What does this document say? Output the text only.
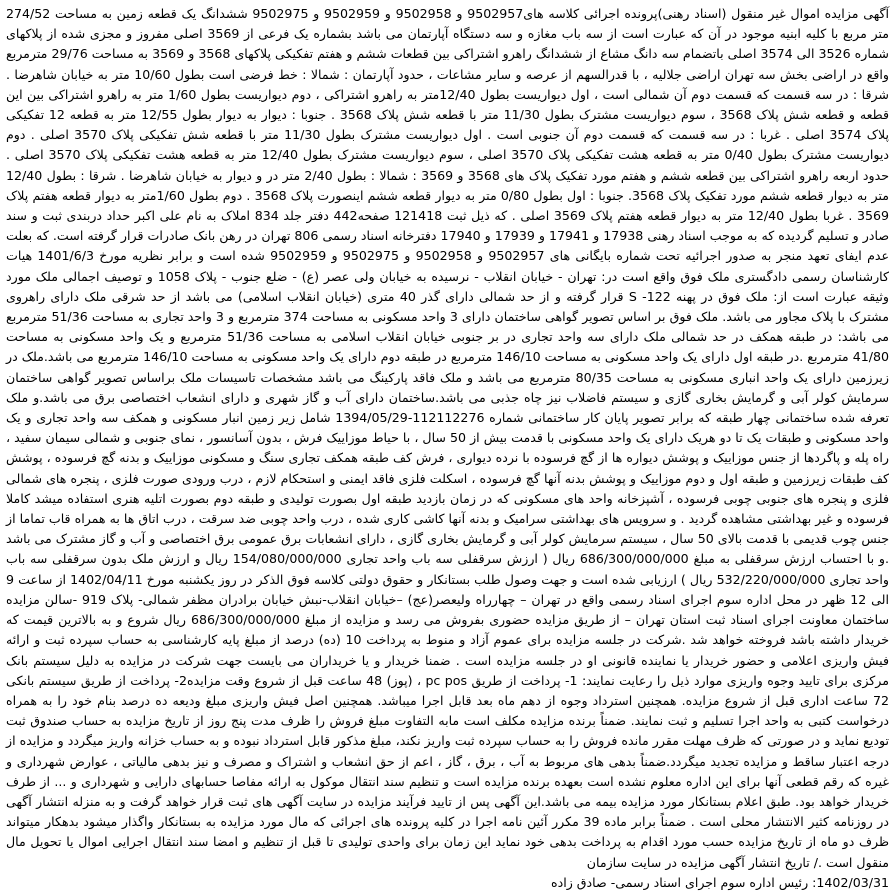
آگهی مزایده اموال غیر منقول (اسناد رهنی)پرونده اجرائی کلاسه های9502957 و 9502958 و 9502959 و 9502975 ششدانگ یک قطعه زمین به مساحت 274/52 متر مربع با کلیه ابنیه موجود در آن که عبارت است از سه باب مغازه و سه دستگاه آپارتمان می باشد بشماره یک فرعی از 3569 اصلی مفروز و مجزی شده از پلاکهای شماره 3526 الی 3574 اصلی باتضمام سه دانگ مشاع از ششدانگ راهرو اشتراکی بین قطعات ششم و هفتم تفکیکی پلاکهای 3568 و 3569 به مساحت 29/76 مترمربع واقع در اراضی بخش سه تهران اراضی جلالیه ، با قدرالسهم از عرصه و سایر مشاعات ، حدود آپارتمان : شمالا : خط فرضی است بطول 10/60 متر به خیابان شاهرضا . شرقا : در سه قسمت که قسمت دوم آن شمالی است ، اول دیواریست بطول 12/40متر به راهرو اشتراکی ، دوم دیواریست بطول 1/60 متر به راهرو اشتراکی بین این قطعه و قطعه شش پلاک 3568 ، سوم دیواریست مشترک بطول 11/30 متر با قطعه شش پلاک 3568 . جنوبا : دیوار به دیوار بطول 12/55 متر به قطعه 12 تفکیکی پلاک 3574 اصلی . غربا : در سه قسمت که قسمت دوم آن جنوبی است . اول دیواریست مشترک بطول 11/30 متر با قطعه شش تفکیکی پلاک 3570 اصلی . دوم دیواریست مشترک بطول 0/40 متر به قطعه هشت تفکیکی پلاک 3570 اصلی ، سوم دیواریست مشترک بطول 12/40 متر به قطعه هشت تفکیکی پلاک 3570 اصلی . حدود اربعه راهرو اشتراکی بین قطعه ششم و هفتم مورد تفکیک پلاک های 3568 و 3569 : شمالا : بطول 2/40 متر در و دیوار به خیابان شاهرضا . شرقا : بطول 12/40 متر به دیوار قطعه ششم مورد تفکیک پلاک 3568. جنوبا : اول بطول 0/80 متر به دیوار قطعه ششم اینصورت پلاک 3568 . دوم بطول 1/60متر به دیوار قطعه هفتم پلاک 3569 . غربا بطول 12/40 متر به دیوار قطعه هفتم پلاک 3569 اصلی . که ذیل ثبت 121418 صفحه442 دفتر جلد 834 املاک به نام علی اکبر حداد دربندی ثبت و سند صادر و تسلیم گردیده که به موجب اسناد رهنی 17938 و 17941 و 17939 و 17940 دفترخانه اسناد رسمی 806 تهران در رهن بانک صادرات قرار گرفته است. که بعلت عدم ایفای تعهد منجر به صدور اجرائیه تحت شماره بایگانی های 9502957 و 9502958 و 9502975 و 9502959 شده است و برابر نظریه مورخ 1401/6/3 هیات کارشناسان رسمی دادگستری ملک فوق واقع است در: تهران - خیابان انقلاب - نرسیده به خیابان ولی عصر (ع) - ضلع جنوب - پلاک 1058 و توصیف اجمالی ملک مورد وثیقه عبارت است از: ملک فوق در پهنه 122- S قرار گرفته و از حد شمالی دارای گذر 40 متری (خیابان انقلاب اسلامی) می باشد از حد شرقی ملک دارای راهروی مشترک با پلاک مجاور می باشد. ملک فوق بر اساس تصویر گواهی ساختمان دارای 3 واحد مسکونی به مساحت 374 مترمربع و 3 واحد تجاری به مساحت 51/36 مترمربع می باشد: در طبقه همکف در حد شمالی ملک دارای سه واحد تجاری در بر جنوبی خیابان انقلاب اسلامی به مساحت 51/36 مترمربع و یک واحد مسکونی به مساحت 41/80 مترمربع .در طبقه اول دارای یک واحد مسکونی به مساحت 146/10 مترمربع در طبقه دوم دارای یک واحد مسکونی به مساحت 146/10 مترمربع می باشد.ملک در زیرزمین دارای یک واحد انباری مسکونی به مساحت 80/35 مترمربع می باشد و ملک فاقد پارکینگ می باشد مشخصات تاسیسات ملک براساس تصویر گواهی ساختمان سرمایش کولر آبی و گرمایش بخاری گازی و سیستم فاضلاب نیز چاه جذبی می باشد.ساختمان دارای آب و گاز شهری و دارای انشعاب اختصاصی برق می باشد.و ملک تعرفه شده ساختمانی چهار طبقه که برابر تصویر پایان کار ساختمانی شماره 112112276-1394/05/29 شامل زیر زمین انبار مسکونی و همکف سه واحد تجاری و یک واحد مسکونی و طبقات یک تا دو هریک دارای یک واحد مسکونی با قدمت بیش از 50 سال ، با حیاط موزاییک فرش ، بدون آسانسور ، نمای جنوبی و شمالی سیمان سفید ، راه پله و پاگردها از جنس موزاییک و پوشش دیواره ها از گچ فرسوده با نرده دیواری ، فرش کف طبقه همکف تجاری سنگ و مسکونی موزاییک و بدنه گچ فرسوده ، پوشش کف طبقات زیرزمین و طبقه اول و دوم موزاییک و پوشش بدنه آنها گچ فرسوده ، اسکلت فلزی فاقد ایمنی و استحکام لازم ، درب ورودی صورت فلزی ، پنجره های شمالی فلزی و پنجره های جنوبی چوبی فرسوده ، آشپزخانه واحد های مسکونی که در زمان بازدید طبقه اول بصورت تولیدی و طبقه دوم بصورت اتلیه هنری استفاده میشد کاملا فرسوده و غیر بهداشتی مشاهده گردید . و سرویس های بهداشتی سرامیک و بدنه آنها کاشی کاری شده ، درب واحد چوبی ضد سرقت ، درب اتاق ها به همراه قاب تماما از جنس چوب قدیمی با قدمت بالای 50 سال ، سیستم سرمایش کولر آبی و گرمایش بخاری گازی ، دارای انشعابات برق عمومی برق اختصاصی و آب و گاز مشترک می باشد .و با احتساب ارزش سرقفلی به مبلغ 686/300/000/000 ریال ( ارزش سرقفلی سه باب واحد تجاری 154/080/000/000 ریال و ارزش ملک بدون سرقفلی سه باب واحد تجاری 532/220/000/000 ریال ) ارزیابی شده است و جهت وصول طلب بستانکار و حقوق دولتی کلاسه فوق الذکر در روز یکشنبه مورخ 1402/04/11 از ساعت 9 الی 12 ظهر در محل اداره سوم اجرای اسناد رسمی واقع در تهران – چهارراه ولیعصر(عج) –خیابان انقلاب-نبش خیابان برادران مظفر شمالی- پلاک 919 -سالن مزایده ساختمان معاونت اجرای اسناد ثبت استان تهران – از طریق مزایده حضوری بفروش می رسد و مزایده از مبلغ 686/300/000/000 ریال شروع و به بالاترین قیمت که خریدار داشته باشد فروخته خواهد شد .شرکت در جلسه مزایده برای عموم آزاد و منوط به پرداخت 10 (ده) درصد از مبلغ پایه کارشناسی به حساب سپرده ثبت و ارائه فیش واریزی اعلامی و حضور خریدار یا نماینده قانونی او در جلسه مزایده است . ضمنا خریدار و یا خریداران می بایست جهت شرکت در مزایده به دلیل سیستم بانک مرکزی برای تایید وجوه واریزی موارد ذیل را رعایت نمایند: 1- پرداخت از طریق pc pos ، (پوز) 48 ساعت قبل از شروع وقت مزایده2- پرداخت از طریق سیستم بانکی 72 ساعت اداری قبل از شروع مزایده. همچنین استرداد وجوه از دهم ماه بعد قابل اجرا میباشد. همچنین اصل فیش واریزی مبلغ ودیعه ده درصد بنام خود را به همراه درخواست کتبی به واحد اجرا تسلیم و ثبت نمایند. ضمناً برنده مزایده مکلف است مابه التفاوت مبلغ فروش را ظرف مدت پنج روز از تاریخ مزایده به حساب صندوق ثبت تودیع نماید و در صورتی که ظرف مهلت مقرر مانده فروش را به حساب سپرده ثبت واریز نکند، مبلغ مذکور قابل استرداد نبوده و به حساب خزانه واریز میگردد و مزایده از درجه اعتبار ساقط و مزایده تجدید میگردد.ضمناً بدهی های مربوط به آب ، برق ، گاز ، اعم از حق انشعاب و اشتراک و مصرف و نیز بدهی مالیاتی ، عوارض شهرداری و غیره که رقم قطعی آنها برای این اداره معلوم نشده است بعهده برنده مزایده است و تنظیم سند انتقال موکول به ارائه مفاصا حسابهای دارایی و شهرداری و ... از طرف خریدار خواهد بود. طبق اعلام بستانکار مورد مزایده بیمه می باشد.این آگهی پس از تایید فرآیند مزایده در سایت آگهی های ثبت قرار خواهد گرفت و به منزله انتشار آگهی در روزنامه کثیر الانتشار محلی است . ضمناً برابر ماده 39 مکرر آئین نامه اجرا در کلیه پرونده های اجرائی که مال مورد مزایده به بستانکار واگذار میشود بدهکار میتواند ظرف دو ماه از تاریخ مزایده حسب مورد اقدام به پرداخت بدهی خود نماید این زمان برای واحدی تولیدی تا قبل از تنظیم و امضا سند انتقال اجرایی اموال یا تحویل مال منقول است ./ تاریخ انتشار آگهی مزایده در سایت سازمان

1402/03/31: رئیس اداره سوم اجرای اسناد رسمی- صادق زاده
